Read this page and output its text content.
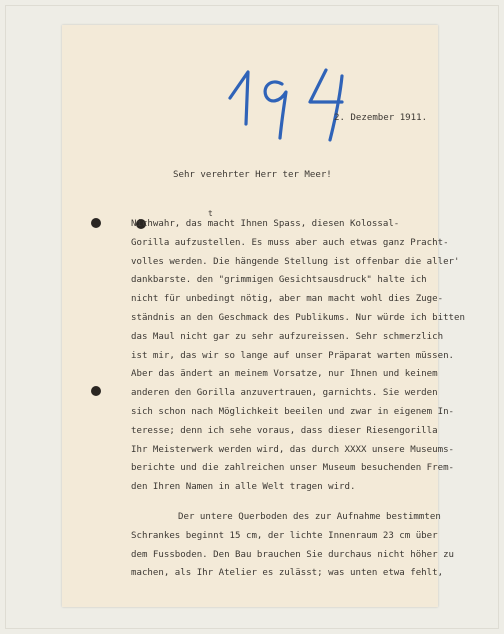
2. Dezember 1911.
Sehr verehrter Herr ter Meer!
t
Nichwahr, das macht Ihnen Spass, diesen Kolossal-
Gorilla aufzustellen. Es muss aber auch etwas ganz Pracht-
volles werden. Die hängende Stellung ist offenbar die aller'
dankbarste. den "grimmigen Gesichtsausdruck" halte ich
nicht für unbedingt nötig, aber man macht wohl dies Zuge-
ständnis an den Geschmack des Publikums. Nur würde ich bitten
das Maul nicht gar zu sehr aufzureissen. Sehr schmerzlich
ist mir, das wir so lange auf unser Präparat warten müssen.
Aber das ändert an meinem Vorsatze, nur Ihnen und keinem
anderen den Gorilla anzuvertrauen, garnichts. Sie werden
sich schon nach Möglichkeit beeilen und zwar in eigenem In-
teresse; denn ich sehe voraus, dass dieser Riesengorilla
Ihr Meisterwerk werden wird, das durch XXXX unsere Museums-
berichte und die zahlreichen unser Museum besuchenden Frem-
den Ihren Namen in alle Welt tragen wird.
Der untere Querboden des zur Aufnahme bestimmten
Schrankes beginnt 15 cm, der lichte Innenraum 23 cm über
dem Fussboden. Den Bau brauchen Sie durchaus nicht höher zu
machen, als Ihr Atelier es zulässt; was unten etwa fehlt,
